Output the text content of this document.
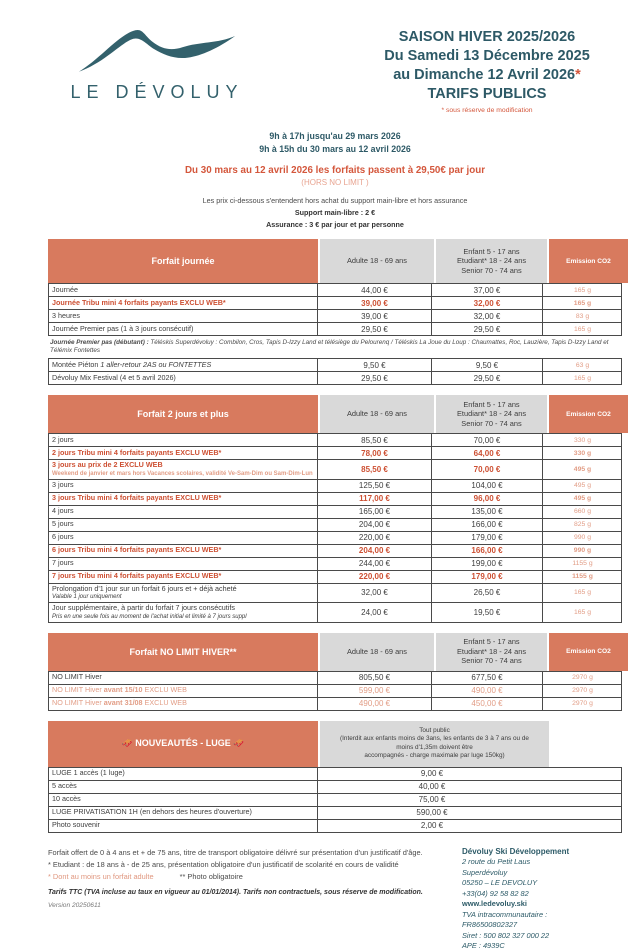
LE DÉVOLUY
SAISON HIVER 2025/2026
Du Samedi 13 Décembre 2025
au Dimanche 12 Avril 2026*
TARIFS PUBLICS
* sous réserve de modification
9h à 17h jusqu'au 29 mars 2026
9h à 15h du 30 mars au 12 avril 2026
Du 30 mars au 12 avril 2026 les forfaits passent à 29,50€ par jour
(HORS NO LIMIT )
Les prix ci-dessous s'entendent hors achat du support main-libre et hors assurance
Support main-libre : 2 €
Assurance : 3 € par jour et par personne
Forfait journée	Adulte 18 - 69 ans
Enfant 5 - 17 ans
Etudiant* 18 - 24 ans
Senior 70 - 74 ans
Emission CO2
Journée	44,00 €	37,00 €	165 g
Journée Tribu mini 4 forfaits payants EXCLU WEB*	39,00 €	32,00 €	165 g
3 heures	39,00 €	32,00 €	83 g
Journée Premier pas (1 à 3 jours consécutif)	29,50 €	29,50 €	165 g
Journée Premier pas (débutant) : Téléskis Superdévoluy : Combilon, Cros, Tapis D-Izzy Land et télésiège du Pelourenq / Téléskis La Joue du Loup : Chaumattes, Roc, Lauzière, Tapis D-Izzy Land et Télémix Fontettes
Montée Piéton 1 aller-retour 2AS ou FONTETTES	9,50 €	9,50 €	63 g
Dévoluy Mix Festival (4 et 5 avril 2026)	29,50 €	29,50 €	165 g
Forfait 2 jours et plus	Adulte 18 - 69 ans
Enfant 5 - 17 ans
Etudiant* 18 - 24 ans
Senior 70 - 74 ans
Emission CO2
2 jours	85,50 €	70,00 €	330 g
2 jours Tribu mini 4 forfaits payants EXCLU WEB*	78,00 €	64,00 €	330 g
3 jours au prix de 2 EXCLU WEB
Weekend de janvier et mars hors Vacances scolaires, validité Ve-Sam-Dim ou Sam-Dim-Lun	85,50 €	70,00 €	495 g
3 jours	125,50 €	104,00 €	495 g
3 jours Tribu mini 4 forfaits payants EXCLU WEB*	117,00 €	96,00 €	495 g
4 jours	165,00 €	135,00 €	660 g
5 jours	204,00 €	166,00 €	825 g
6 jours	220,00 €	179,00 €	990 g
6 jours Tribu mini 4 forfaits payants EXCLU WEB*	204,00 €	166,00 €	990 g
7 jours	244,00 €	199,00 €	1155 g
7 jours Tribu mini 4 forfaits payants EXCLU WEB*	220,00 €	179,00 €	1155 g
Prolongation d'1 jour sur un forfait 6 jours et + déjà acheté
Valable 1 jour uniquement	32,00 €	26,50 €	165 g
Jour supplémentaire, à partir du forfait 7 jours consécutifs
Pris en une seule fois au moment de l'achat initial et limité à 7 jours suppl	24,00 €	19,50 €	165 g
Forfait NO LIMIT HIVER**	Adulte 18 - 69 ans
Enfant 5 - 17 ans
Etudiant* 18 - 24 ans
Senior 70 - 74 ans
Emission CO2
NO LIMIT Hiver	805,50 €	677,50 €	2970 g
NO LIMIT Hiver avant 15/10 EXCLU WEB	599,00 €	490,00 €	2970 g
NO LIMIT Hiver avant 31/08 EXCLU WEB	490,00 €	450,00 €	2970 g
🛷 NOUVEAUTÉS - LUGE 🛷
Tout public
(Interdit aux enfants moins de 3ans, les enfants de 3 à 7 ans ou de
moins d'1,35m doivent être
accompagnés - charge maximale par luge 150kg)
LUGE 1 accès (1 luge)	9,00 €
5 accès	40,00 €
10 accès	75,00 €
LUGE PRIVATISATION 1H (en dehors des heures d'ouverture)	590,00 €
Photo souvenir	2,00 €
Forfait offert de 0 à 4 ans et + de 75 ans, titre de transport obligatoire délivré sur présentation d'un justificatif d'âge.
* Etudiant : de 18 ans à - de 25 ans, présentation obligatoire d'un justificatif de scolarité en cours de validité
* Dont au moins un forfait adulte	** Photo obligatoire
Tarifs TTC (TVA incluse au taux en vigueur au 01/01/2014). Tarifs non contractuels, sous réserve de modification.
Version 20250611
Dévoluy Ski Développement
2 route du Petit Laus
Superdévoluy
05250 – LE DEVOLUY
+33(04) 92 58 82 82
www.ledevoluy.ski
TVA intracommunautaire :
FR86500802327
Siret : 500 802 327 000 22
APE : 4939C
